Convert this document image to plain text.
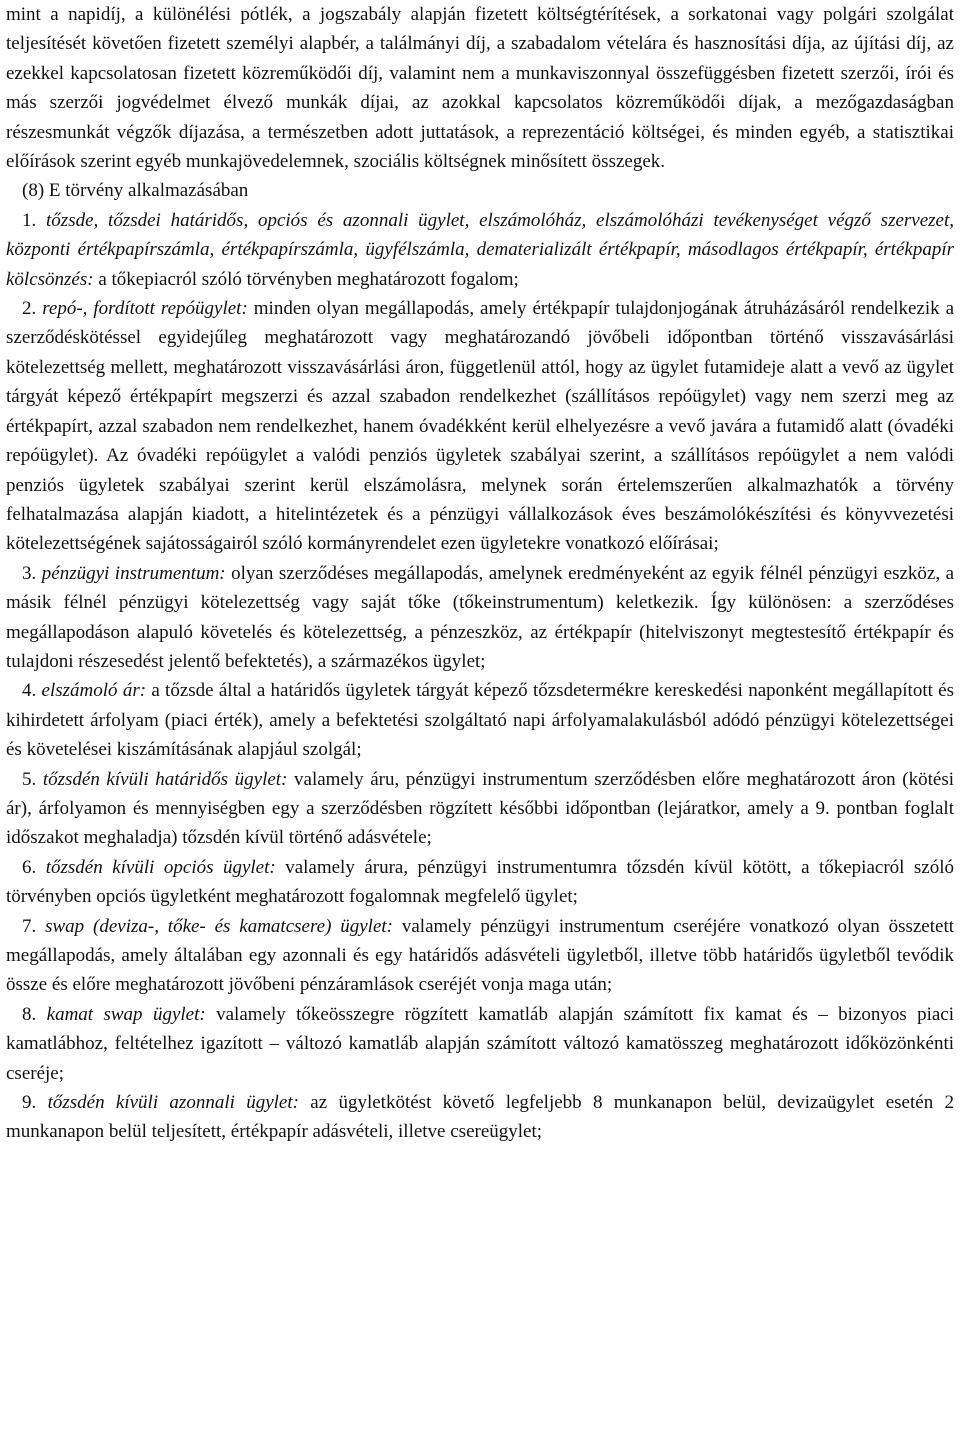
mint a napidíj, a különélési pótlék, a jogszabály alapján fizetett költségtérítések, a sorkatonai vagy polgári szolgálat teljesítését követően fizetett személyi alapbér, a találmányi díj, a szabadalom vételára és hasznosítási díja, az újítási díj, az ezekkel kapcsolatosan fizetett közreműködői díj, valamint nem a munkaviszonnyal összefüggésben fizetett szerzői, írói és más szerzői jogvédelmet élvező munkák díjai, az azokkal kapcsolatos közreműködői díjak, a mezőgazdaságban részesmunkát végzők díjazása, a természetben adott juttatások, a reprezentáció költségei, és minden egyéb, a statisztikai előírások szerint egyéb munkajövedelemnek, szociális költségnek minősített összegek.

(8) E törvény alkalmazásában

1. tőzsde, tőzsdei határidős, opciós és azonnali ügylet, elszámolóház, elszámolóházi tevékenységet végző szervezet, központi értékpapírszámla, értékpapírszámla, ügyfélszámla, dematerializált értékpapír, másodlagos értékpapír, értékpapír kölcsönzés: a tőkepiacról szóló törvényben meghatározott fogalom;

2. repó-, fordított repóügylet: minden olyan megállapodás, amely értékpapír tulajdonjogának átruházásáról rendelkezik a szerződéskötéssel egyidejűleg meghatározott vagy meghatározandó jövőbeli időpontban történő visszavásárlási kötelezettség mellett, meghatározott visszavásárlási áron, függetlenül attól, hogy az ügylet futamideje alatt a vevő az ügylet tárgyát képező értékpapírt megszerzi és azzal szabadon rendelkezhet (szállításos repóügylet) vagy nem szerzi meg az értékpapírt, azzal szabadon nem rendelkezhet, hanem óvadékként kerül elhelyezésre a vevő javára a futamidő alatt (óvadéki repóügylet). Az óvadéki repóügylet a valódi penziós ügyletek szabályai szerint, a szállításos repóügylet a nem valódi penziós ügyletek szabályai szerint kerül elszámolásra, melynek során értelemszerűen alkalmazhatók a törvény felhatalmazása alapján kiadott, a hitelintézetek és a pénzügyi vállalkozások éves beszámolókészítési és könyvvezetési kötelezettségének sajátosságairól szóló kormányrendelet ezen ügyletekre vonatkozó előírásai;

3. pénzügyi instrumentum: olyan szerződéses megállapodás, amelynek eredményeként az egyik félnél pénzügyi eszköz, a másik félnél pénzügyi kötelezettség vagy saját tőke (tőkeinstrumentum) keletkezik. Így különösen: a szerződéses megállapodáson alapuló követelés és kötelezettség, a pénzeszköz, az értékpapír (hitelviszonyt megtestesítő értékpapír és tulajdoni részesedést jelentő befektetés), a származékos ügylet;

4. elszámoló ár: a tőzsde által a határidős ügyletek tárgyát képező tőzsdetermékre kereskedési naponként megállapított és kihirdetett árfolyam (piaci érték), amely a befektetési szolgáltató napi árfolyamalakulásból adódó pénzügyi kötelezettségei és követelései kiszámításának alapjául szolgál;

5. tőzsdén kívüli határidős ügylet: valamely áru, pénzügyi instrumentum szerződésben előre meghatározott áron (kötési ár), árfolyamon és mennyiségben egy a szerződésben rögzített későbbi időpontban (lejáratkor, amely a 9. pontban foglalt időszakot meghaladja) tőzsdén kívül történő adásvétele;

6. tőzsdén kívüli opciós ügylet: valamely árura, pénzügyi instrumentumra tőzsdén kívül kötött, a tőkepiacról szóló törvényben opciós ügyletként meghatározott fogalomnak megfelelő ügylet;

7. swap (deviza-, tőke- és kamatcsere) ügylet: valamely pénzügyi instrumentum cseréjére vonatkozó olyan összetett megállapodás, amely általában egy azonnali és egy határidős adásvételi ügyletből, illetve több határidős ügyletből tevődik össze és előre meghatározott jövőbeni pénzáramlások cseréjét vonja maga után;

8. kamat swap ügylet: valamely tőkeösszegre rögzített kamatláb alapján számított fix kamat és – bizonyos piaci kamatlábhoz, feltételhez igazított – változó kamatláb alapján számított változó kamatösszeg meghatározott időközönkénti cseréje;

9. tőzsdén kívüli azonnali ügylet: az ügyletkötést követő legfeljebb 8 munkanapon belül, devizaügylet esetén 2 munkanapon belül teljesített, értékpapír adásvételi, illetve csereügylet;
